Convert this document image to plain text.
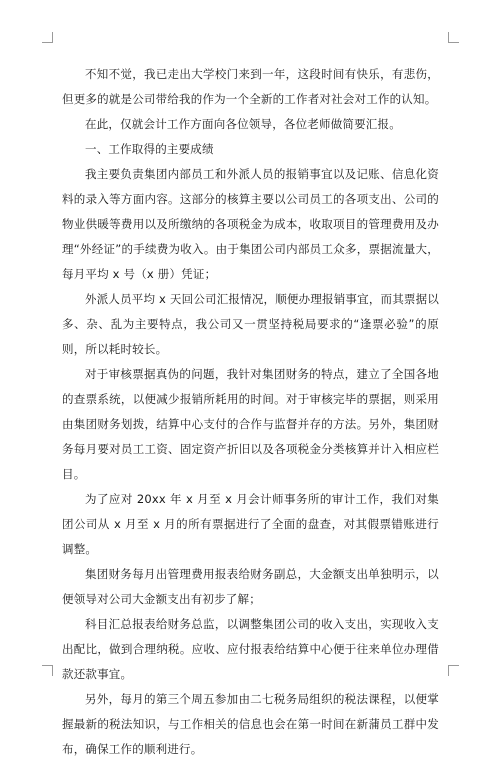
不知不觉，我已走出大学校门来到一年，这段时间有快乐，有悲伤，但更多的就是公司带给我的作为一个全新的工作者对社会对工作的认知。

在此，仅就会计工作方面向各位领导，各位老师做简要汇报。

一、工作取得的主要成绩

我主要负责集团内部员工和外派人员的报销事宜以及记账、信息化资料的录入等方面内容。这部分的核算主要以公司员工的各项支出、公司的物业供暖等费用以及所缴纳的各项税金为成本，收取项目的管理费用及办理“外经证”的手续费为收入。由于集团公司内部员工众多，票据流量大，每月平均 x 号（x 册）凭证；

外派人员平均 x 天回公司汇报情况，顺便办理报销事宜，而其票据以多、杂、乱为主要特点，我公司又一贯坚持税局要求的“逢票必验”的原则，所以耗时较长。

对于审核票据真伪的问题，我针对集团财务的特点，建立了全国各地的查票系统，以便减少报销所耗用的时间。对于审核完毕的票据，则采用由集团财务划拨，结算中心支付的合作与监督并存的方法。另外，集团财务每月要对员工工资、固定资产折旧以及各项税金分类核算并计入相应栏目。

为了应对 20xx 年 x 月至 x 月会计师事务所的审计工作，我们对集团公司从 x 月至 x 月的所有票据进行了全面的盘查，对其假票错账进行调整。

集团财务每月出管理费用报表给财务副总，大金额支出单独明示，以便领导对公司大金额支出有初步了解；

科目汇总报表给财务总监，以调整集团公司的收入支出，实现收入支出配比，做到合理纳税。应收、应付报表给结算中心便于往来单位办理借款还款事宜。

另外，每月的第三个周五参加由二七税务局组织的税法课程，以便掌握最新的税法知识，与工作相关的信息也会在第一时间在新蒲员工群中发布，确保工作的顺利进行。
